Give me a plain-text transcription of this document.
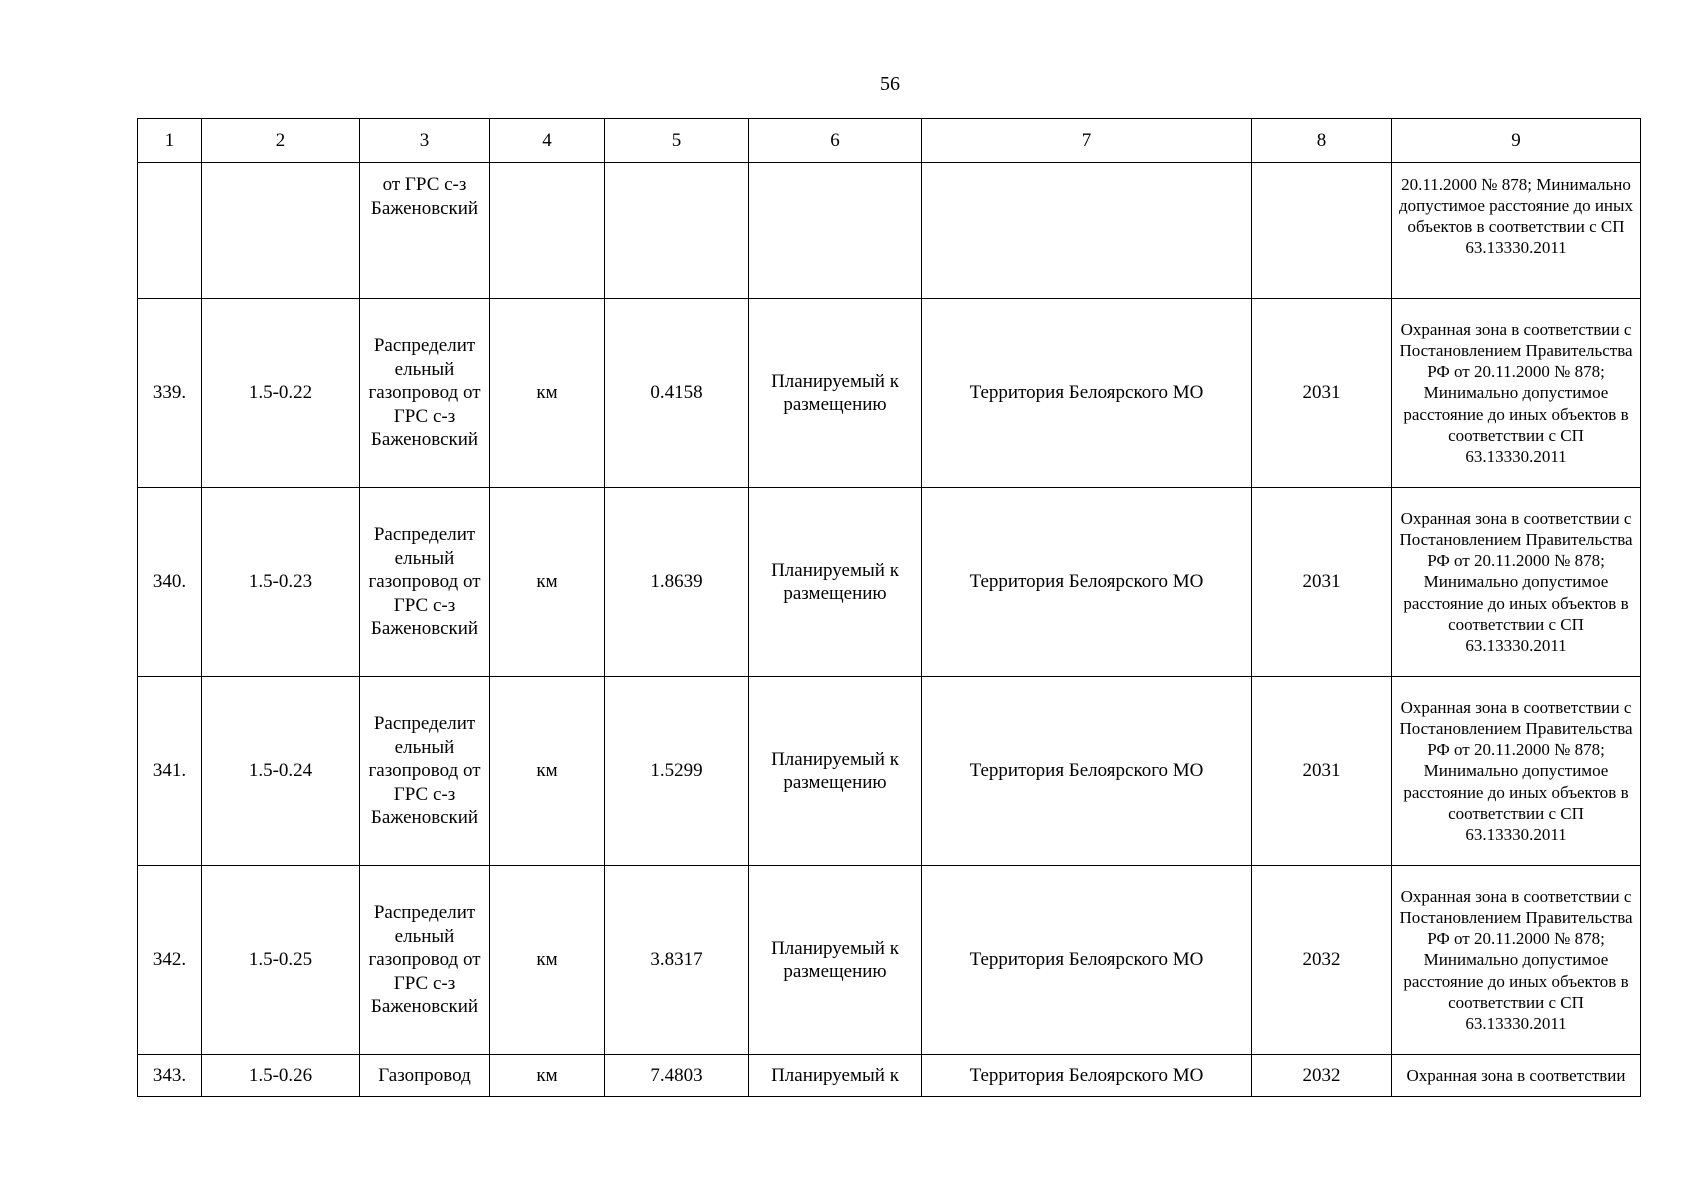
56
1	2	3	4	5	6	7	8	9
		от ГРС с-з Баженовский						20.11.2000 № 878; Минимально допустимое расстояние до иных объектов в соответствии с СП 63.13330.2011
339.	1.5-0.22	Распределит ельный газопровод от ГРС с-з Баженовский	км	0.4158	Планируемый к размещению	Территория Белоярского МО	2031	Охранная зона в соответствии с Постановлением Правительства РФ от 20.11.2000 № 878; Минимально допустимое расстояние до иных объектов в соответствии с СП 63.13330.2011
340.	1.5-0.23	Распределит ельный газопровод от ГРС с-з Баженовский	км	1.8639	Планируемый к размещению	Территория Белоярского МО	2031	Охранная зона в соответствии с Постановлением Правительства РФ от 20.11.2000 № 878; Минимально допустимое расстояние до иных объектов в соответствии с СП 63.13330.2011
341.	1.5-0.24	Распределит ельный газопровод от ГРС с-з Баженовский	км	1.5299	Планируемый к размещению	Территория Белоярского МО	2031	Охранная зона в соответствии с Постановлением Правительства РФ от 20.11.2000 № 878; Минимально допустимое расстояние до иных объектов в соответствии с СП 63.13330.2011
342.	1.5-0.25	Распределит ельный газопровод от ГРС с-з Баженовский	км	3.8317	Планируемый к размещению	Территория Белоярского МО	2032	Охранная зона в соответствии с Постановлением Правительства РФ от 20.11.2000 № 878; Минимально допустимое расстояние до иных объектов в соответствии с СП 63.13330.2011
343.	1.5-0.26	Газопровод	км	7.4803	Планируемый к	Территория Белоярского МО	2032	Охранная зона в соответствии
